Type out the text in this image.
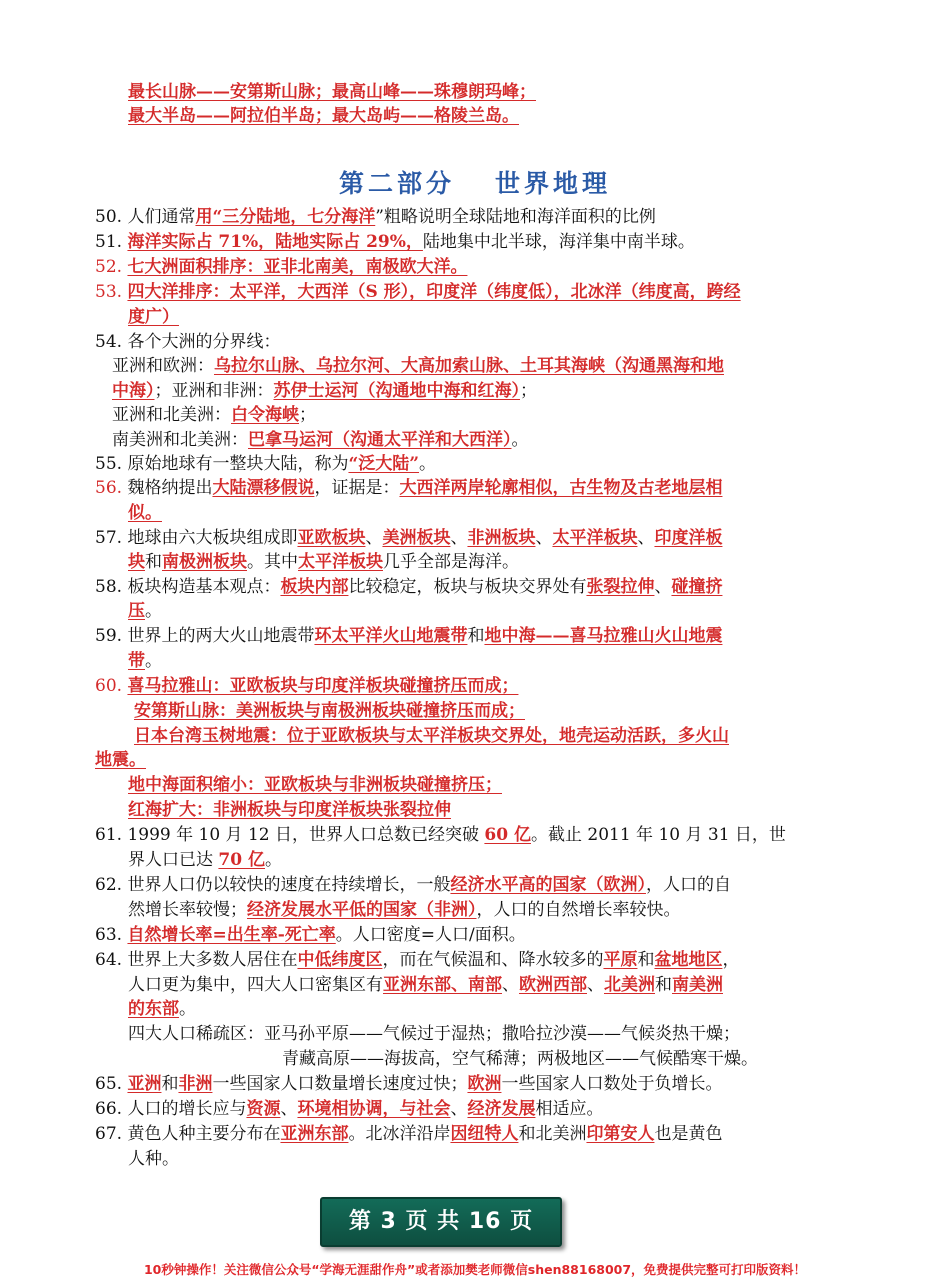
最长山脉——安第斯山脉；最高山峰——珠穆朗玛峰；
最大半岛——阿拉伯半岛；最大岛屿——格陵兰岛。
第二部分 世界地理
50. 人们通常用“三分陆地，七分海洋”粗略说明全球陆地和海洋面积的比例
51. 海洋实际占 71%，陆地实际占 29%，陆地集中北半球，海洋集中南半球。
52. 七大洲面积排序：亚非北南美，南极欧大洋。
53. 四大洋排序：太平洋，大西洋（S 形），印度洋（纬度低），北冰洋（纬度高，跨经
度广）
54. 各个大洲的分界线：
亚洲和欧洲：乌拉尔山脉、乌拉尔河、大高加索山脉、土耳其海峡（沟通黑海和地
中海）；亚洲和非洲：苏伊士运河（沟通地中海和红海）；
亚洲和北美洲：白令海峡；
南美洲和北美洲：巴拿马运河（沟通太平洋和大西洋）。
55. 原始地球有一整块大陆，称为“泛大陆”。
56. 魏格纳提出大陆漂移假说，证据是：大西洋两岸轮廓相似，古生物及古老地层相
似。
57. 地球由六大板块组成即亚欧板块、美洲板块、非洲板块、太平洋板块、印度洋板
块和南极洲板块。其中太平洋板块几乎全部是海洋。
58. 板块构造基本观点：板块内部比较稳定，板块与板块交界处有张裂拉伸、碰撞挤
压。
59. 世界上的两大火山地震带环太平洋火山地震带和地中海——喜马拉雅山火山地震
带。
60. 喜马拉雅山：亚欧板块与印度洋板块碰撞挤压而成；
安第斯山脉：美洲板块与南极洲板块碰撞挤压而成；
日本台湾玉树地震：位于亚欧板块与太平洋板块交界处，地壳运动活跃，多火山
地震。
地中海面积缩小：亚欧板块与非洲板块碰撞挤压；
红海扩大：非洲板块与印度洋板块张裂拉伸
61. 1999 年 10 月 12 日，世界人口总数已经突破 60 亿。截止 2011 年 10 月 31 日，世
界人口已达 70 亿。
62. 世界人口仍以较快的速度在持续增长，一般经济水平高的国家（欧洲），人口的自
然增长率较慢；经济发展水平低的国家（非洲），人口的自然增长率较快。
63. 自然增长率=出生率-死亡率。人口密度=人口/面积。
64. 世界上大多数人居住在中低纬度区，而在气候温和、降水较多的平原和盆地地区，
人口更为集中，四大人口密集区有亚洲东部、南部、欧洲西部、北美洲和南美洲
的东部。
四大人口稀疏区：亚马孙平原——气候过于湿热；撒哈拉沙漠——气候炎热干燥；
青藏高原——海拔高，空气稀薄；两极地区——气候酷寒干燥。
65. 亚洲和非洲一些国家人口数量增长速度过快；欧洲一些国家人口数处于负增长。
66. 人口的增长应与资源、环境相协调，与社会、经济发展相适应。
67. 黄色人种主要分布在亚洲东部。北冰洋沿岸因纽特人和北美洲印第安人也是黄色
人种。
第 3 页 共 16 页
10秒钟操作！关注微信公众号“学海无涯甜作舟”或者添加樊老师微信shen88168007，免费提供完整可打印版资料！
